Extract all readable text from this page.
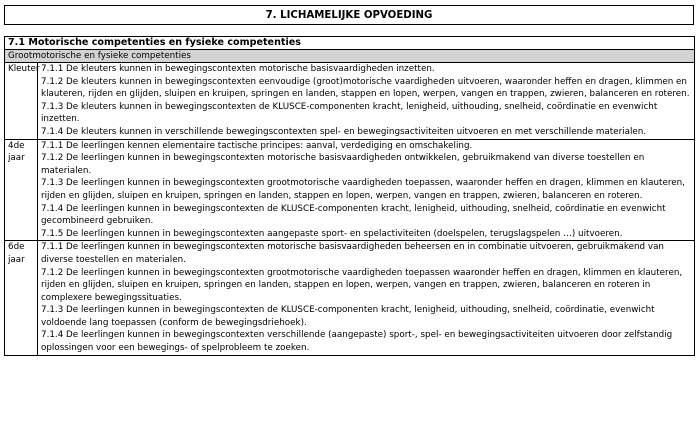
7. LICHAMELIJKE OPVOEDING
7.1 Motorische competenties en fysieke competenties	
Grootmotorische en fysieke competenties	
Kleuter	7.1.1 De kleuters kunnen in bewegingscontexten motorische basisvaardigheden inzetten.
7.1.2 De kleuters kunnen in bewegingscontexten eenvoudige (groot)motorische vaardigheden uitvoeren, waaronder heffen en dragen, klimmen en klauteren, rijden en glijden, sluipen en kruipen, springen en landen, stappen en lopen, werpen, vangen en trappen, zwieren, balanceren en roteren.
7.1.3 De kleuters kunnen in bewegingscontexten de KLUSCE-componenten kracht, lenigheid, uithouding, snelheid, coördinatie en evenwicht inzetten.
7.1.4 De kleuters kunnen in verschillende bewegingscontexten spel- en bewegingsactiviteiten uitvoeren en met verschillende materialen.

4de jaar	7.1.1 De leerlingen kennen elementaire tactische principes: aanval, verdediging en omschakeling.
7.1.2 De leerlingen kunnen in bewegingscontexten motorische basisvaardigheden ontwikkelen, gebruikmakend van diverse toestellen en materialen.
7.1.3 De leerlingen kunnen in bewegingscontexten grootmotorische vaardigheden toepassen, waaronder heffen en dragen, klimmen en klauteren, rijden en glijden, sluipen en kruipen, springen en landen, stappen en lopen, werpen, vangen en trappen, zwieren, balanceren en roteren.
7.1.4 De leerlingen kunnen in bewegingscontexten de KLUSCE-componenten kracht, lenigheid, uithouding, snelheid, coördinatie en evenwicht gecombineerd gebruiken.
7.1.5 De leerlingen kunnen in bewegingscontexten aangepaste sport- en spelactiviteiten (doelspelen, terugslagspelen …) uitvoeren.

6de jaar	7.1.1 De leerlingen kunnen in bewegingscontexten motorische basisvaardigheden beheersen en in combinatie uitvoeren, gebruikmakend van diverse toestellen en materialen.
7.1.2 De leerlingen kunnen in bewegingscontexten grootmotorische vaardigheden toepassen waaronder heffen en dragen, klimmen en klauteren, rijden en glijden, sluipen en kruipen, springen en landen, stappen en lopen, werpen, vangen en trappen, zwieren, balanceren en roteren in complexere bewegingssituaties.
7.1.3 De leerlingen kunnen in bewegingscontexten de KLUSCE-componenten kracht, lenigheid, uithouding, snelheid, coördinatie, evenwicht voldoende lang toepassen (conform de bewegingsdriehoek).
7.1.4 De leerlingen kunnen in bewegingscontexten verschillende (aangepaste) sport-, spel- en bewegingsactiviteiten uitvoeren door zelfstandig oplossingen voor een bewegings- of spelprobleem te zoeken.
